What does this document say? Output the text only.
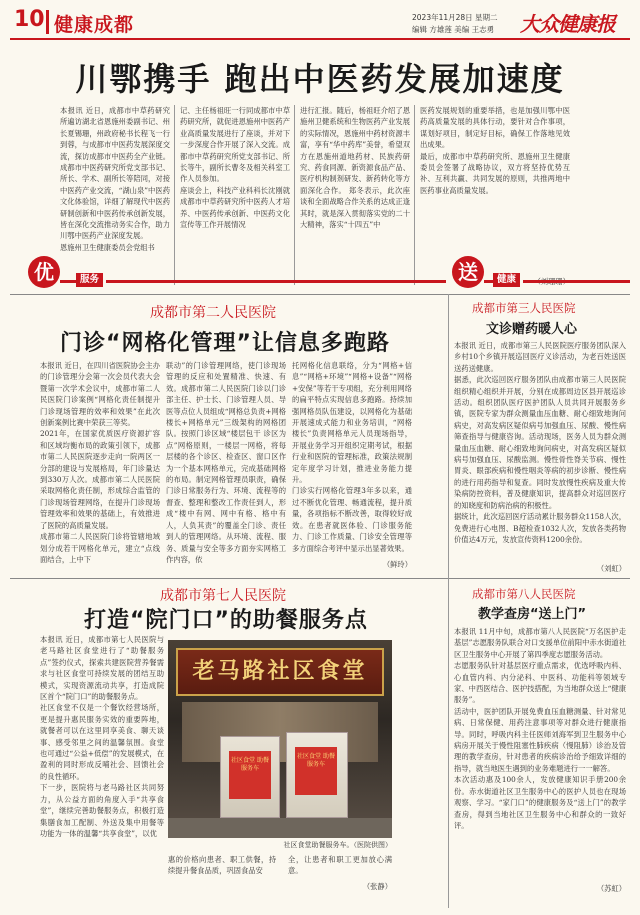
10 健康成都	2023年11月28日 星期二
编辑 方雄莲 美编 王志勇 大众健康报
川鄂携手 跑出中医药发展加速度
本报讯 近日，成都市中草药研究所遍访湖北省恩施州委副书记、州长夏锡珊，州政府秘书长程飞一行到蓉，与成都市中医药发展深度交流，探访成都市中医药全产业链。成都市中医药研究所党支部书记、所长、学术、副所长等陪同，对接中医药产业交流，“湖山泉”中医药文化体验馆，详细了解现代中医药研制创新和中医药传承创新发展，皆在深化交流推动务实合作，助力川鄂中医药产业深度发展。
恩施州卫生健康委员会党组书
记、主任杨祖旺一行同成都市中草药研究所，就促进恩施州中医药产业高质量发展进行了座谈，并对下一步深度合作开展了深入交流。成都市中草药研究所党支部书记、所长等牛，副所长曹冬及相关科室工作人员参加。
座谈会上，科技产业科科长沈刚就成都市中草药研究所中医药人才培养、中医药传承创新、中医药文化宣传等工作开展情况
进行汇报。随后，杨祖旺介绍了恩施州卫健系统和生物医药产业发展的实际情况，恩施州中药材资源丰富，享有“华中药库”美誉，希望双方在恩施州道地药材、民族药研究、药食同源、新资源食品产品、医疗机构制剂研发、新药转化等方面深化合作。 郑冬表示，此次座谈和全面战略合作关系的达成正逢其时，就是深入贯彻落实党的二十大精神，落实“十四五”中
医药发展规划的重要举措，也是加强川鄂中医药高质量发展的具体行动，要针对合作事项，谋划好项目，制定好目标，确保工作落地见效出成果。
最后，成都市中草药研究所、恩施州卫生健康委员会签署了战略协议，双方将坚持优势互补、互利共赢、共同发展的原则，共推两地中医药事业高质量发展。
优	服务	送	健康
成都市第二人民医院
门诊“网格化管理”让信息多跑路
本报讯 近日，在四川省医院协会主办的门诊管理分会第一次会员代表大会暨第一次学术会议中，成都市第二人民医院门诊案例“网格化责任制提升门诊现场管理的效率和效果”在此次创新案例比赛中荣获三等奖。
2021年，在国家优质医疗资源扩容和区域均衡布局的政策引领下，成都市第二人民医院逐步走向一院两区一分部的建设与发展格局，年门诊量达到330万人次。成都市第二人民医院采取网格化责任制，形成综合监管的门诊现场管理网络，在提升门诊现场管理效率和效果的基础上，有效推进了医院的高质量发展。
成都市第二人民医院门诊将管辖地域划分成若干网格化单元，建立“点线面结合，上中下
联动”的门诊管理网络，使门诊现场管理的反应和处置精准、快速、有效。成都市第二人民医院门诊以门诊部主任、护士长、门诊管理人员、导医等点位人员组成“网格总负责+网格楼长+网格单元”三级架构的网格团队。按照门诊区域“楼层包干 诊区为点”网格原则，一楼层一网格，将每层楼的各个诊区、检查区、窗口区作为一个基本网格单元，完成基础网格的布局。制定网格管理员职责，确保门诊日常服务行为、环境、流程等的督查、整理和整改工作责任到人，形成“楼中有网、网中有格、格中有人，人负其责”的覆盖全门诊、责任到人的管理网络。从环境、流程、服务、质量与安全等多方面夯实网格工作内容，依
托网格化信息联络，分为“网格+信息”“网格+环境”“网格+设备”“网格+安保”等若干专项组，充分利用网络的扁平特点实现信息多跑路。持续加强网格员队伍建设，以网格化为基础开展速成式能力和业务培训，“网格楼长”负责网格单元人员现场指导，开展业务学习开组织定期考试，根据行业和医院的管理标准，政策法规制定年度学习计划，推进业务能力提升。
门诊实行网格化管理3年多以来，通过不断优化管理、畅通流程，提升质量，各项指标不断改善，取得较好成效。在患者就医体验、门诊服务能力、门诊工作质量、门诊安全管理等多方面综合考评中显示出显著效果。
（鲜玲）
成都市第三人民医院
文诊赠药暖人心
本报讯 近日，成都市第三人民医院医疗服务团队深入乡村10个乡镇开展巡回医疗义诊活动，为老百姓送医送药送健康。
据悉，此次巡回医疗服务团队由成都市第三人民医院组织精心组织并开展，分别在成都周边区县开展巡诊活动。组织团队医疗医护团队人员共同开展服务乡镇，医院专家为群众测量血压血糖、耐心细致地询问病史，对高发病区疑似病号加强血压、尿酸、慢性病筛查指导与健康咨询。活动现场，医务人员为群众测量血压血糖、耐心细致地询问病史，对高发病区疑似病号加强血压、尿酸监测。慢性骨性脊关节病、慢性胃炎、眼部疾病和慢性咽炎等病的初步诊断、慢性病的进行用药指导和复查。同时发放慢性疾病及重大传染病防控资料，普及健康知识，提高群众对巡回医疗的知晓度和防病治病的积极性。
据统计，此次巡回医疗活动累计服务群众1158人次，免费进行心电图、B超检查1032人次，发放各类药物价值达4万元，发放宣传资料1200余份。
（刘虹）
成都市第七人民医院
打造“院门口”的助餐服务点
本报讯 近日，成都市第七人民医院与老马路社区食堂进行了“助餐服务点”签约仪式，探索共建医院营养餐需求与社区食堂可持续发展的团结互助模式，实现资源流动共享，打造成院区首个“院门口”的助餐服务点。
社区食堂不仅是一个餐饮经营场所，更是提升惠民服务实效的重要阵地，就餐者可以在这里同享美食、聊天谈事、感受邻里之间的温馨氛围。食堂也可通过“公益+低偿”的发展模式，在盈利的同时形成反哺社会、回馈社会的良性循环。
下一步，医院将与老马路社区共同努力，从公益方面的角度入手“共享食堂”，继续完善助餐服务点，积极打造集膳食加工配制、外送及集中用餐等功能为一体的温馨“共享食堂”，以优
老马路社区食堂
社区食堂 助餐服务车
社区食堂 助餐服务车
社区食堂助餐服务车。（医院供图）
惠的价格向患者、职工供餐，持续提升餐食品质，巩固食品安
全，让患者和职工更加放心满意。
（张静）
成都市第八人民医院
教学查房“送上门”
本报讯 11月中旬，成都市第八人民医院“万名医护走基层”志愿服务队联合对口支援单位前阳中赤水街道社区卫生服务中心开展了第四季度志愿服务活动。
志愿服务队针对基层医疗重点需求，优选呼吸内科、心血管内科、内分泌科、中医科、功能科等领域专家、中西医结合、医护技搭配，为当地群众送上“健康服务”。
活动中，医护团队开展免费血压血糖测量、针对常见病、日常保健、用药注意事项等对群众进行健康指导。同时，呼吸内科主任医师刘海军到卫生服务中心病房开展关于慢性阻塞性肺疾病（慢阻肺）诊治及管理的教学查房，针对患者的疾病诊治给予细致详细的指导，就当地医生遇到的业务难题进行一一解答。
本次活动惠及100余人，发放健康知识手册200余份。赤水街道社区卫生服务中心的医护人员也在现场观察、学习。“家门口”的健康服务及“送上门”的教学查房，得到当地社区卫生服务中心和群众的一致好评。
（苏虹）
